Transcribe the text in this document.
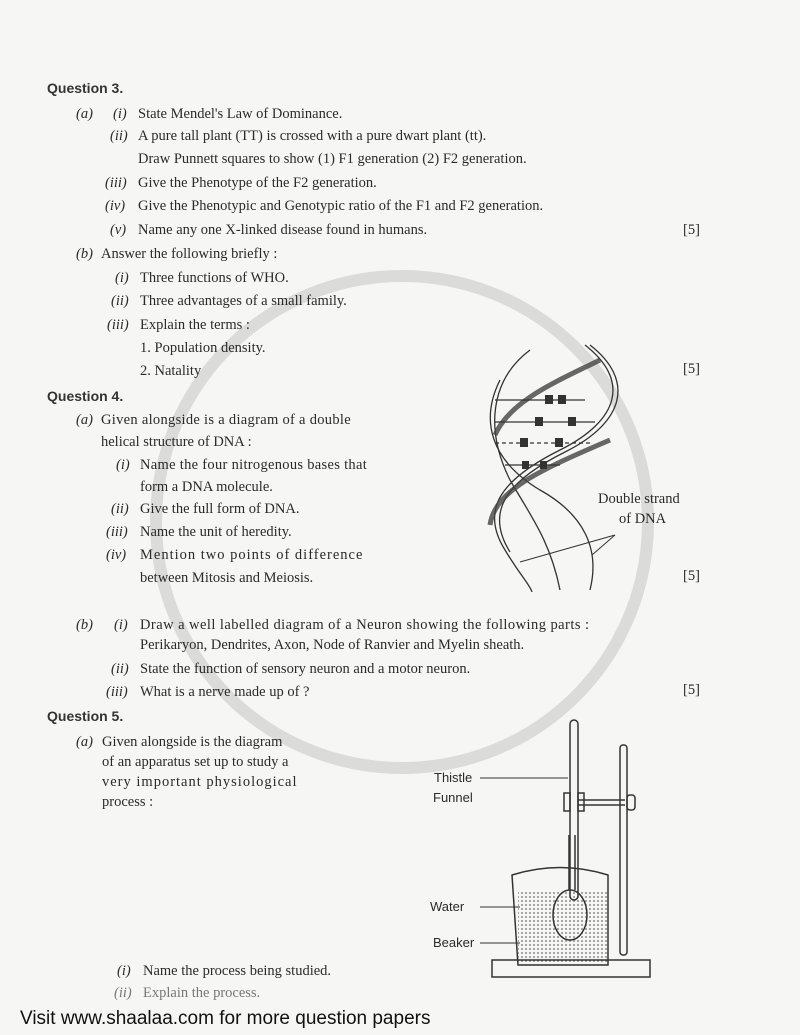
Question 3.
(a) (i) State Mendel's Law of Dominance.
(ii) A pure tall plant (TT) is crossed with a pure dwart plant (tt).
Draw Punnett squares to show (1) F1 generation (2) F2 generation.
(iii) Give the Phenotype of the F2 generation.
(iv) Give the Phenotypic and Genotypic ratio of the F1 and F2 generation.
(v) Name any one X-linked disease found in humans.	[5]
(b) Answer the following briefly :
(i) Three functions of WHO.
(ii) Three advantages of a small family.
(iii) Explain the terms :
1. Population density.
2. Natality	[5]
Question 4.
(a) Given alongside is a diagram of a double
helical structure of DNA :
(i) Name the four nitrogenous bases that
form a DNA molecule.
(ii) Give the full form of DNA.
(iii) Name the unit of heredity.
(iv) Mention two points of difference
between Mitosis and Meiosis.	[5]
Double strand
of DNA
(b) (i) Draw a well labelled diagram of a Neuron showing the following parts :
Perikaryon, Dendrites, Axon, Node of Ranvier and Myelin sheath.
(ii) State the function of sensory neuron and a motor neuron.
(iii) What is a nerve made up of ?	[5]
Question 5.
(a) Given alongside is the diagram
of an apparatus set up to study a
very important physiological
process :
Thistle
Funnel
Water
Beaker
(i) Name the process being studied.
(ii) Explain the process.
Visit www.shaalaa.com for more question papers
